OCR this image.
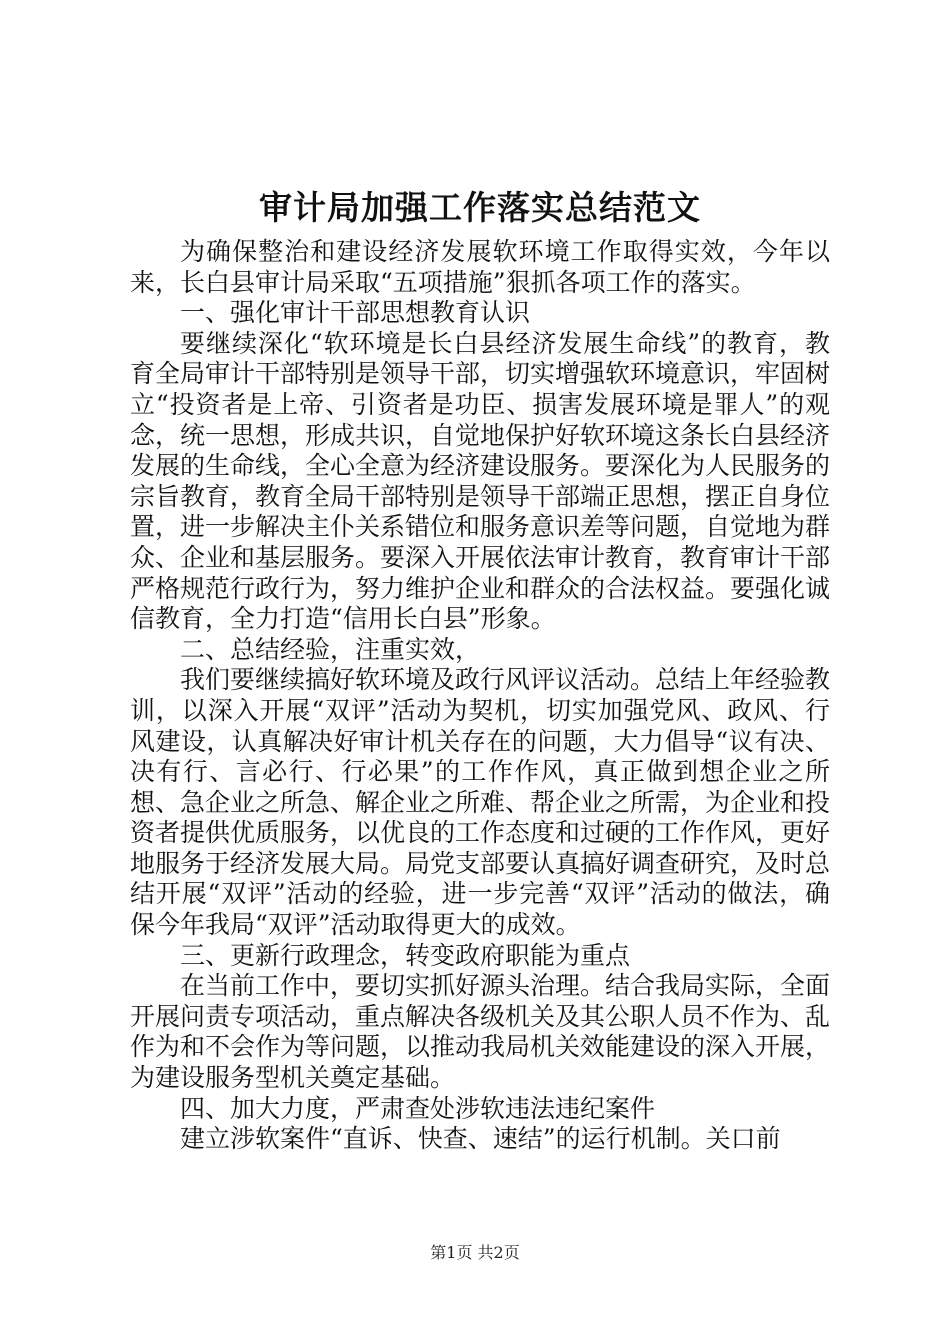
审计局加强工作落实总结范文

为确保整治和建设经济发展软环境工作取得实效，今年以来，长白县审计局采取“五项措施”狠抓各项工作的落实。

一、强化审计干部思想教育认识

要继续深化“软环境是长白县经济发展生命线”的教育，教育全局审计干部特别是领导干部，切实增强软环境意识，牢固树立“投资者是上帝、引资者是功臣、损害发展环境是罪人”的观念，统一思想，形成共识，自觉地保护好软环境这条长白县经济发展的生命线，全心全意为经济建设服务。要深化为人民服务的宗旨教育，教育全局干部特别是领导干部端正思想，摆正自身位置，进一步解决主仆关系错位和服务意识差等问题，自觉地为群众、企业和基层服务。要深入开展依法审计教育，教育审计干部严格规范行政行为，努力维护企业和群众的合法权益。要强化诚信教育，全力打造“信用长白县”形象。

二、总结经验，注重实效，

我们要继续搞好软环境及政行风评议活动。总结上年经验教训，以深入开展“双评”活动为契机，切实加强党风、政风、行风建设，认真解决好审计机关存在的问题，大力倡导“议有决、决有行、言必行、行必果”的工作作风，真正做到想企业之所想、急企业之所急、解企业之所难、帮企业之所需，为企业和投资者提供优质服务，以优良的工作态度和过硬的工作作风，更好地服务于经济发展大局。局党支部要认真搞好调查研究，及时总结开展“双评”活动的经验，进一步完善“双评”活动的做法，确保今年我局“双评”活动取得更大的成效。

三、更新行政理念，转变政府职能为重点

在当前工作中，要切实抓好源头治理。结合我局实际，全面开展问责专项活动，重点解决各级机关及其公职人员不作为、乱作为和不会作为等问题，以推动我局机关效能建设的深入开展，为建设服务型机关奠定基础。

四、加大力度，严肃查处涉软违法违纪案件

建立涉软案件“直诉、快查、速结”的运行机制。关口前

第1页 共2页
